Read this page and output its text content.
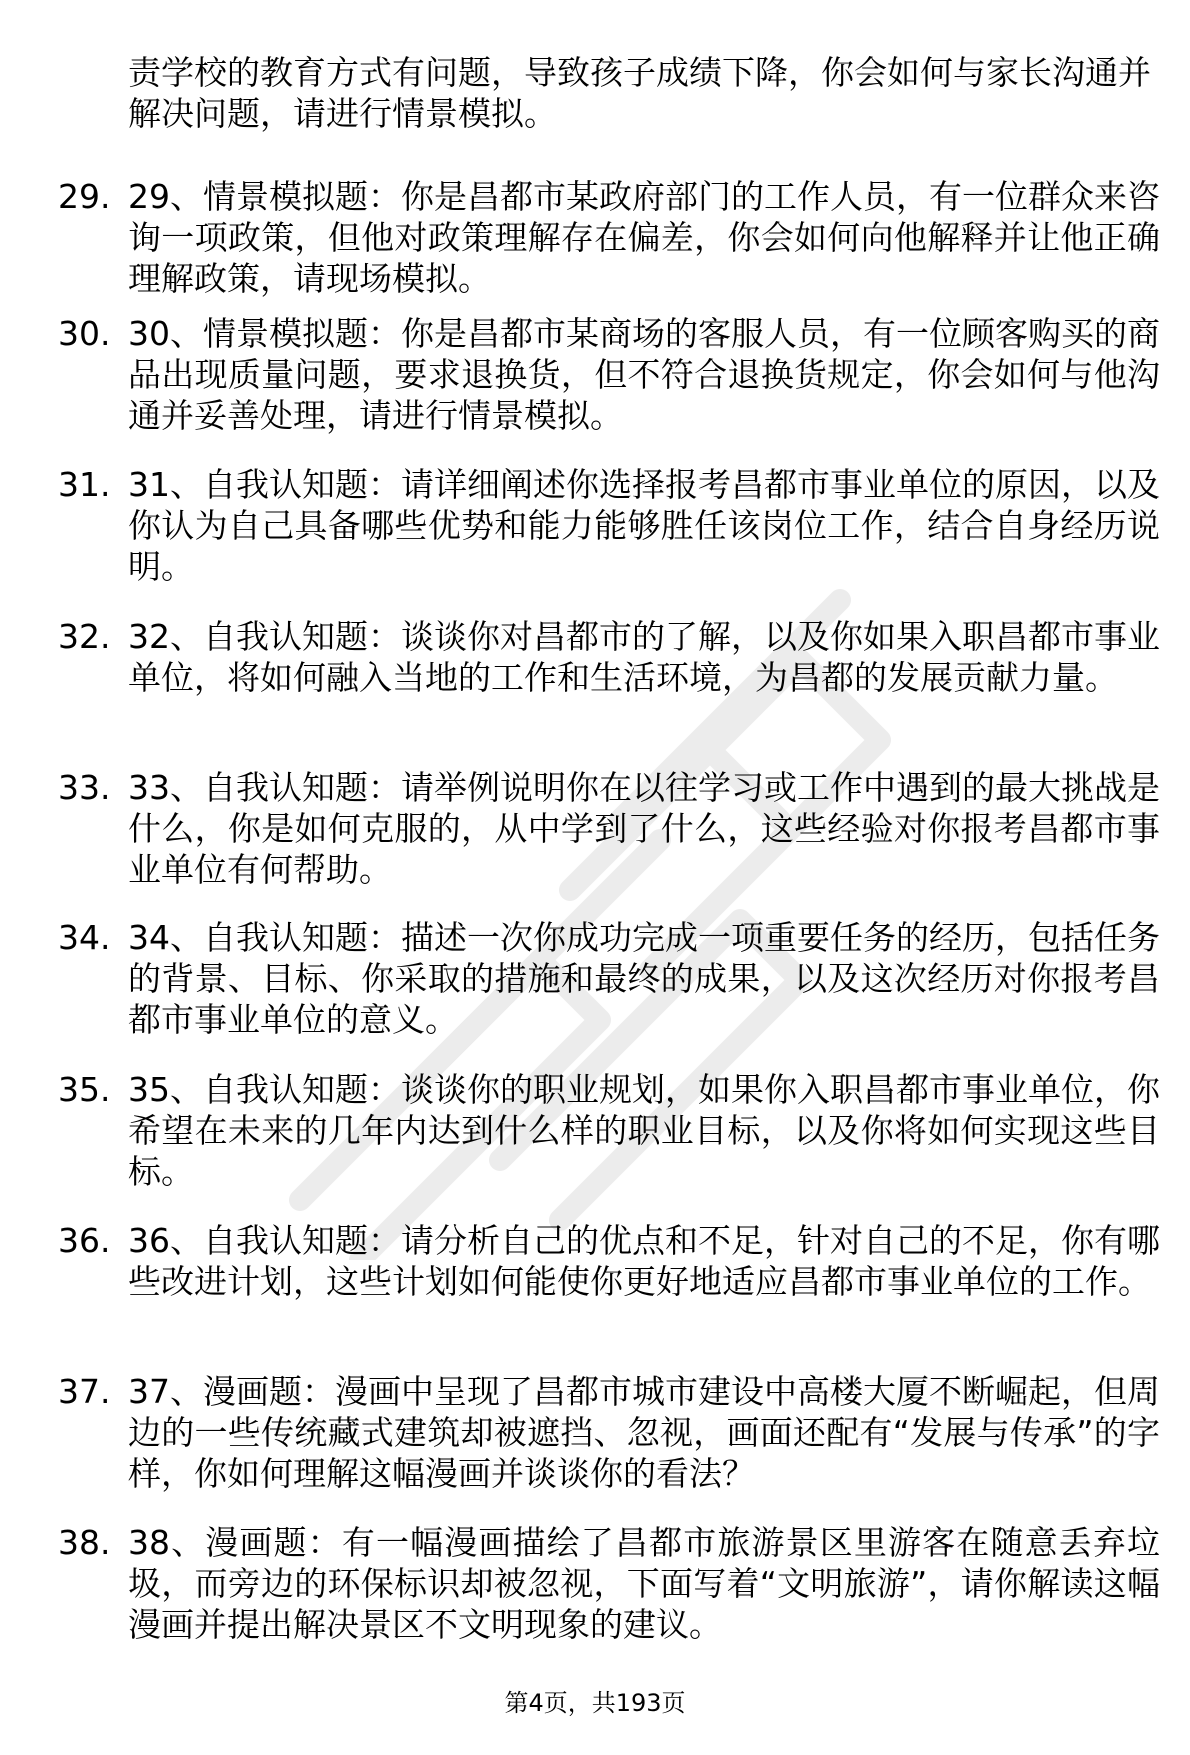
责学校的教育方式有问题，导致孩子成绩下降，你会如何与家长沟通并解决问题，请进行情景模拟。
29. 29、情景模拟题：你是昌都市某政府部门的工作人员，有一位群众来咨询一项政策，但他对政策理解存在偏差，你会如何向他解释并让他正确理解政策，请现场模拟。
30. 30、情景模拟题：你是昌都市某商场的客服人员，有一位顾客购买的商品出现质量问题，要求退换货，但不符合退换货规定，你会如何与他沟通并妥善处理，请进行情景模拟。
31. 31、自我认知题：请详细阐述你选择报考昌都市事业单位的原因，以及你认为自己具备哪些优势和能力能够胜任该岗位工作，结合自身经历说明。
32. 32、自我认知题：谈谈你对昌都市的了解，以及你如果入职昌都市事业单位，将如何融入当地的工作和生活环境，为昌都的发展贡献力量。
33. 33、自我认知题：请举例说明你在以往学习或工作中遇到的最大挑战是什么，你是如何克服的，从中学到了什么，这些经验对你报考昌都市事业单位有何帮助。
34. 34、自我认知题：描述一次你成功完成一项重要任务的经历，包括任务的背景、目标、你采取的措施和最终的成果，以及这次经历对你报考昌都市事业单位的意义。
35. 35、自我认知题：谈谈你的职业规划，如果你入职昌都市事业单位，你希望在未来的几年内达到什么样的职业目标，以及你将如何实现这些目标。
36. 36、自我认知题：请分析自己的优点和不足，针对自己的不足，你有哪些改进计划，这些计划如何能使你更好地适应昌都市事业单位的工作。
37. 37、漫画题：漫画中呈现了昌都市城市建设中高楼大厦不断崛起，但周边的一些传统藏式建筑却被遮挡、忽视，画面还配有“发展与传承”的字样，你如何理解这幅漫画并谈谈你的看法？
38. 38、漫画题：有一幅漫画描绘了昌都市旅游景区里游客在随意丢弃垃圾，而旁边的环保标识却被忽视，下面写着“文明旅游”，请你解读这幅漫画并提出解决景区不文明现象的建议。
第4页，共193页
